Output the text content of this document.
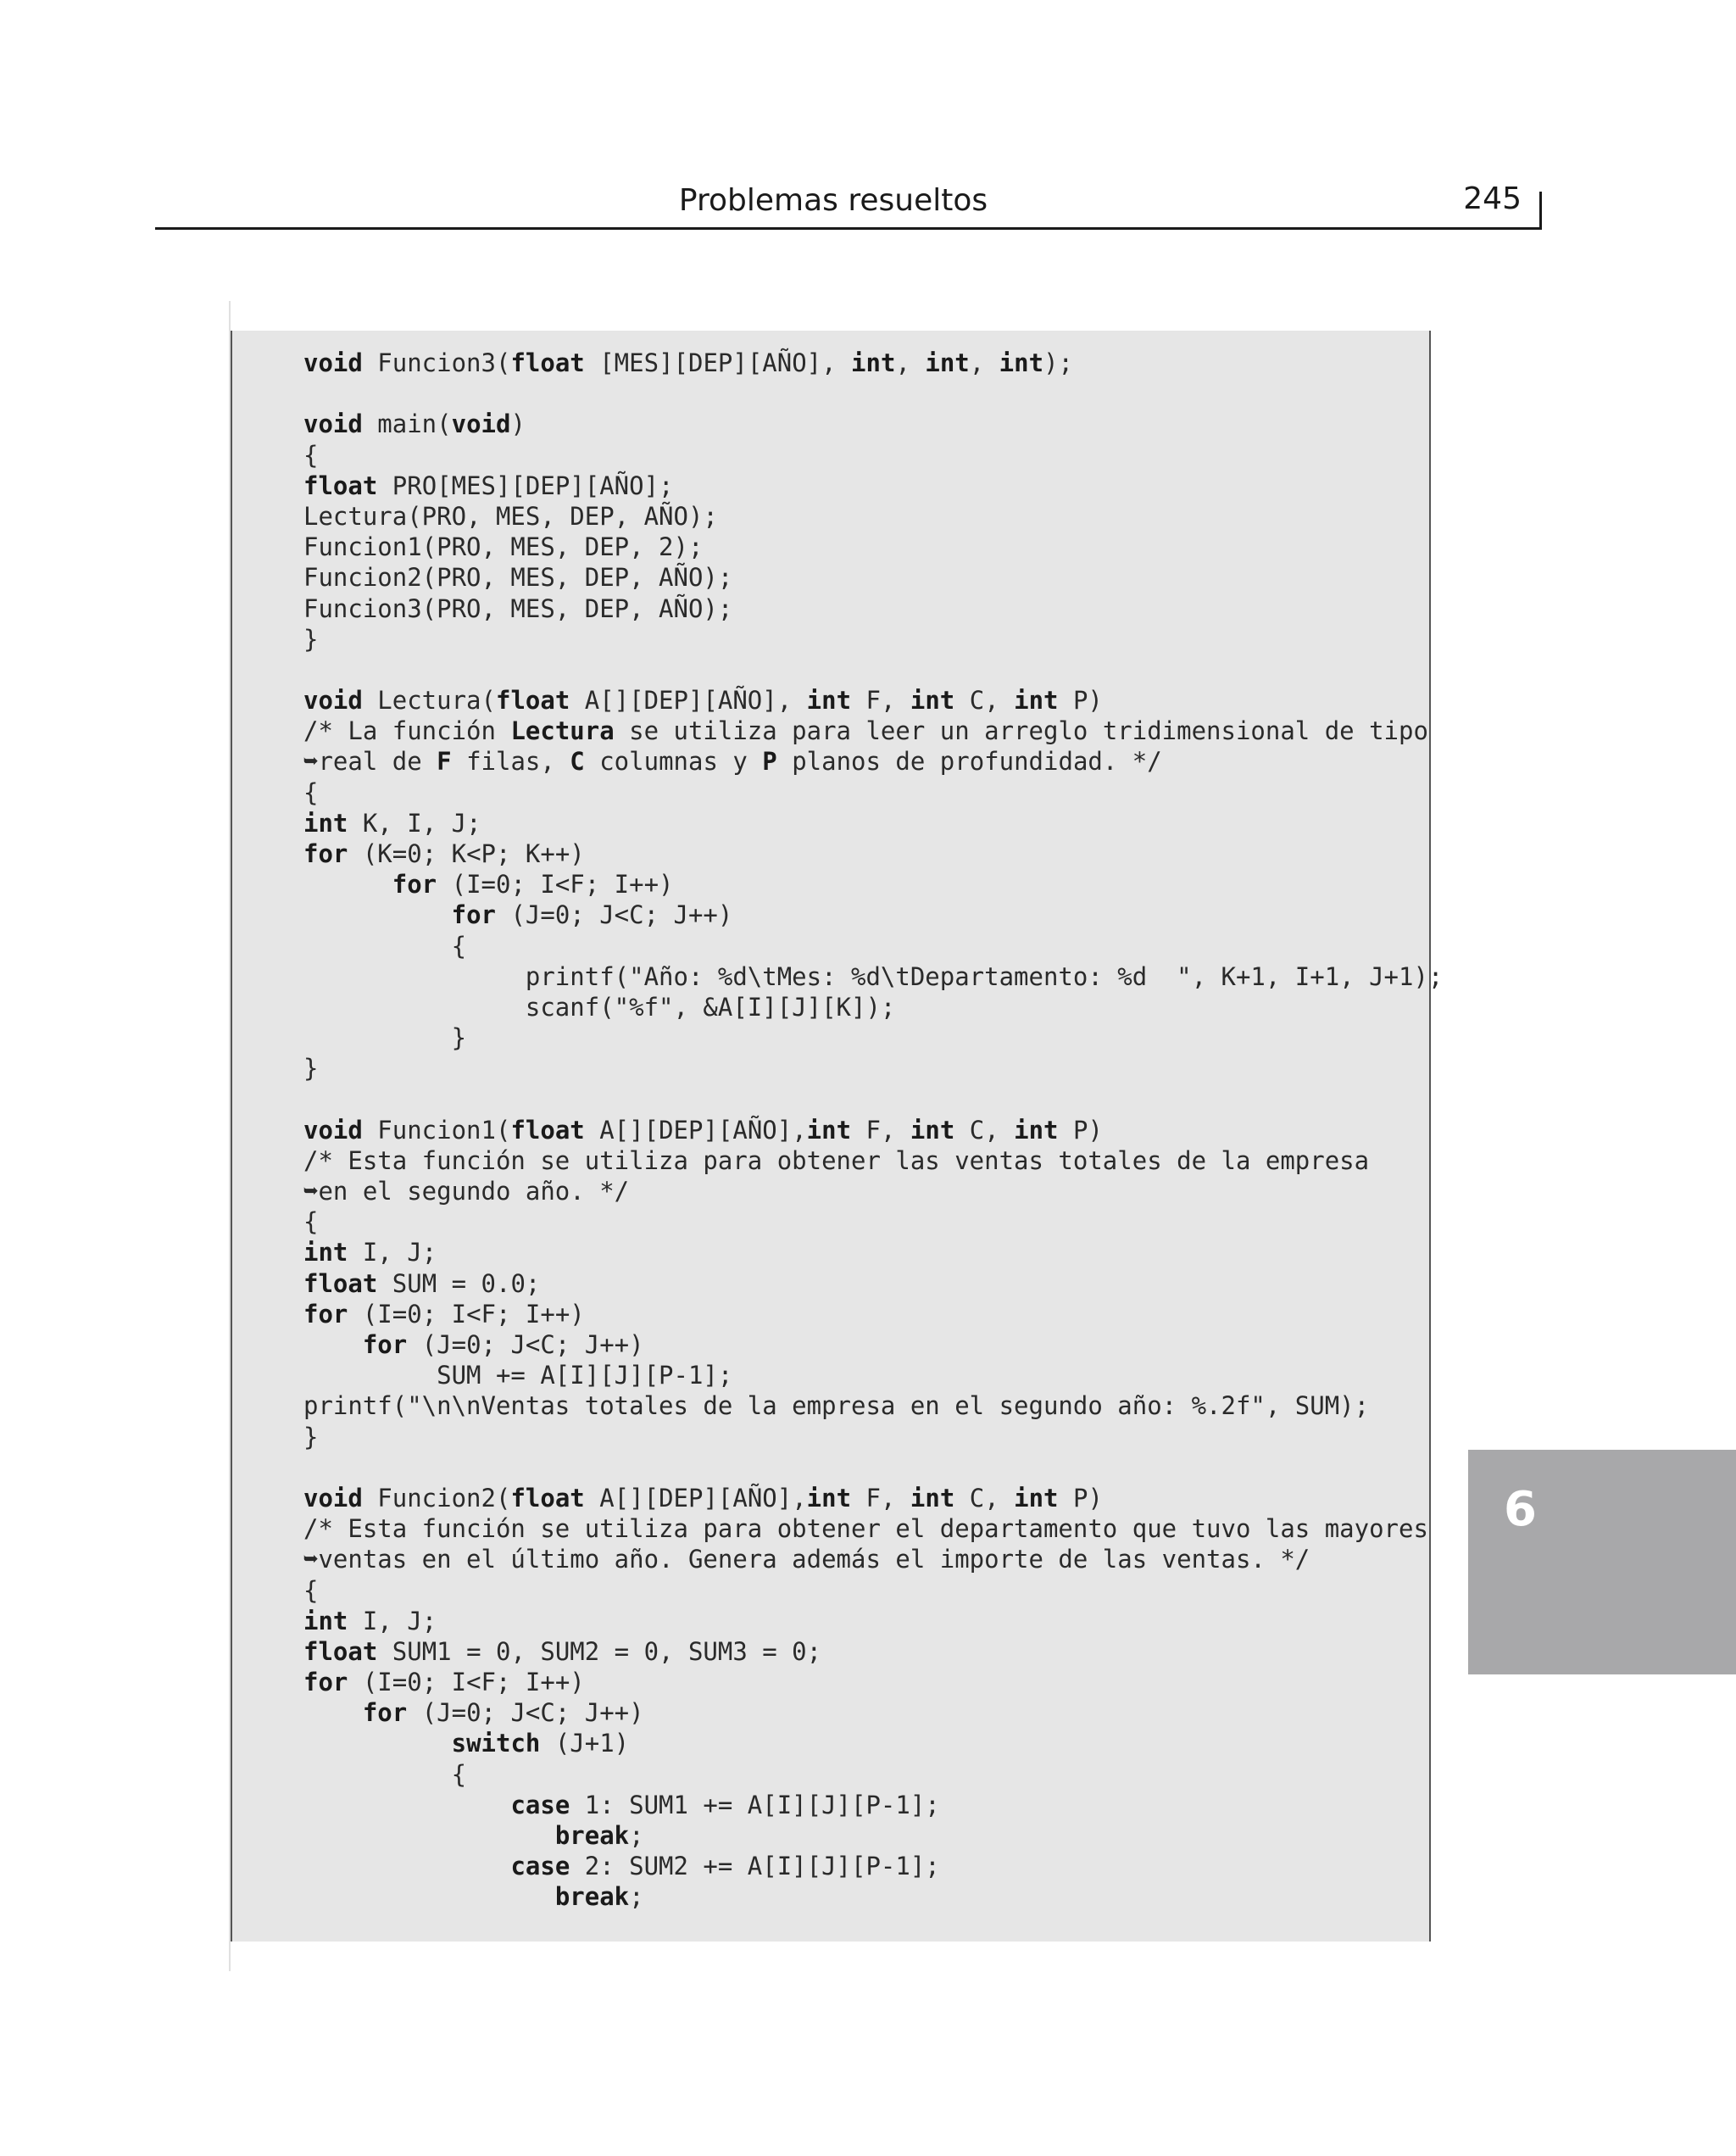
Problemas resueltos	245
void Funcion3(float [MES][DEP][AÑO], int, int, int);

void main(void)
{
float PRO[MES][DEP][AÑO];
Lectura(PRO, MES, DEP, AÑO);
Funcion1(PRO, MES, DEP, 2);
Funcion2(PRO, MES, DEP, AÑO);
Funcion3(PRO, MES, DEP, AÑO);
}

void Lectura(float A[][DEP][AÑO], int F, int C, int P)
/* La función Lectura se utiliza para leer un arreglo tridimensional de tipo
➥real de F filas, C columnas y P planos de profundidad. */
{
int K, I, J;
for (K=0; K<P; K++)
for (I=0; I<F; I++)
for (J=0; J<C; J++)
{
printf("Año: %d\tMes: %d\tDepartamento: %d  ", K+1, I+1, J+1);
scanf("%f", &A[I][J][K]);
}
}

void Funcion1(float A[][DEP][AÑO],int F, int C, int P)
/* Esta función se utiliza para obtener las ventas totales de la empresa
➥en el segundo año. */
{
int I, J;
float SUM = 0.0;
for (I=0; I<F; I++)
for (J=0; J<C; J++)
SUM += A[I][J][P-1];
printf("\n\nVentas totales de la empresa en el segundo año: %.2f", SUM);
}

void Funcion2(float A[][DEP][AÑO],int F, int C, int P)
/* Esta función se utiliza para obtener el departamento que tuvo las mayores
➥ventas en el último año. Genera además el importe de las ventas. */
{
int I, J;
float SUM1 = 0, SUM2 = 0, SUM3 = 0;
for (I=0; I<F; I++)
for (J=0; J<C; J++)
switch (J+1)
{
case 1: SUM1 += A[I][J][P-1];
break;
case 2: SUM2 += A[I][J][P-1];
break;
6
